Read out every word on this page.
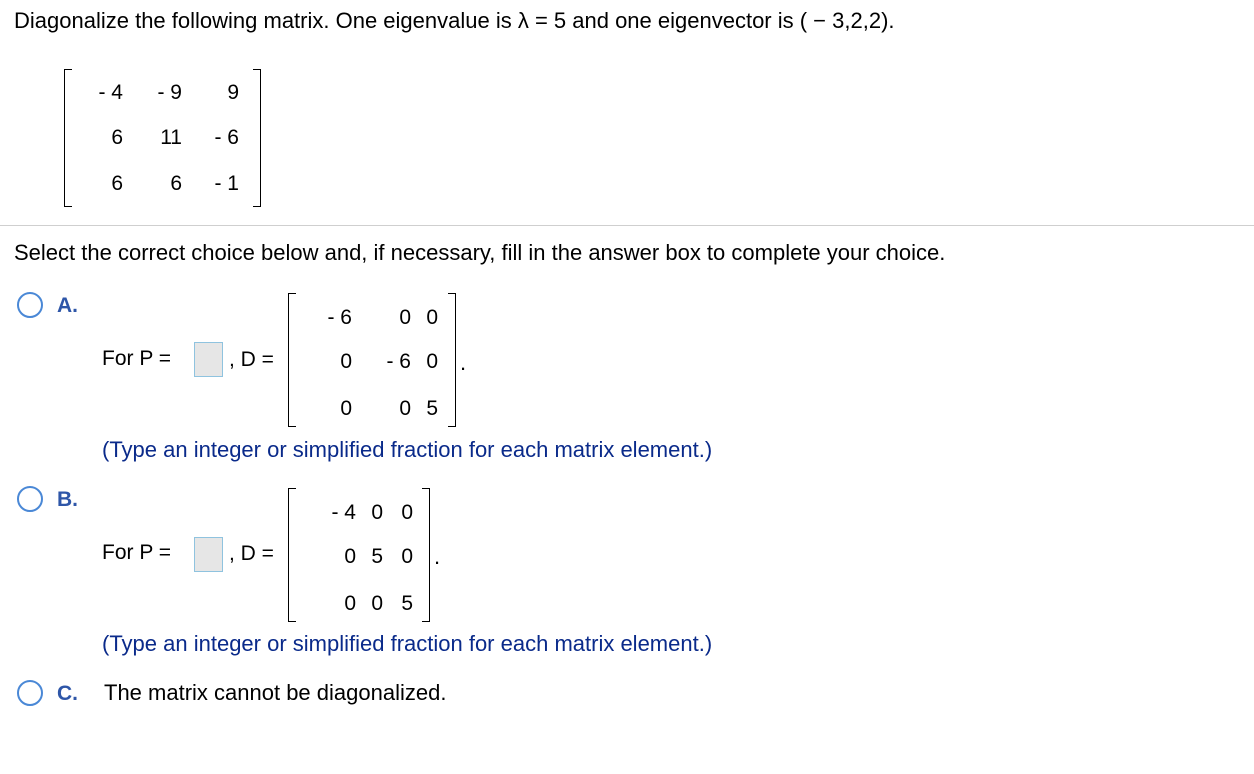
Diagonalize the following matrix. One eigenvalue is λ = 5 and one eigenvector is ( − 3,2,2).
- 4 - 9 9
6 11 - 6
6 6 - 1
Select the correct choice below and, if necessary, fill in the answer box to complete your choice.
A.
For P =	, D =
- 6 0 0
0 - 6 0
0 0 5
.
(Type an integer or simplified fraction for each matrix element.)
B.
For P =	, D =
- 4 0 0
0 5 0
0 0 5
.
(Type an integer or simplified fraction for each matrix element.)
C. The matrix cannot be diagonalized.
